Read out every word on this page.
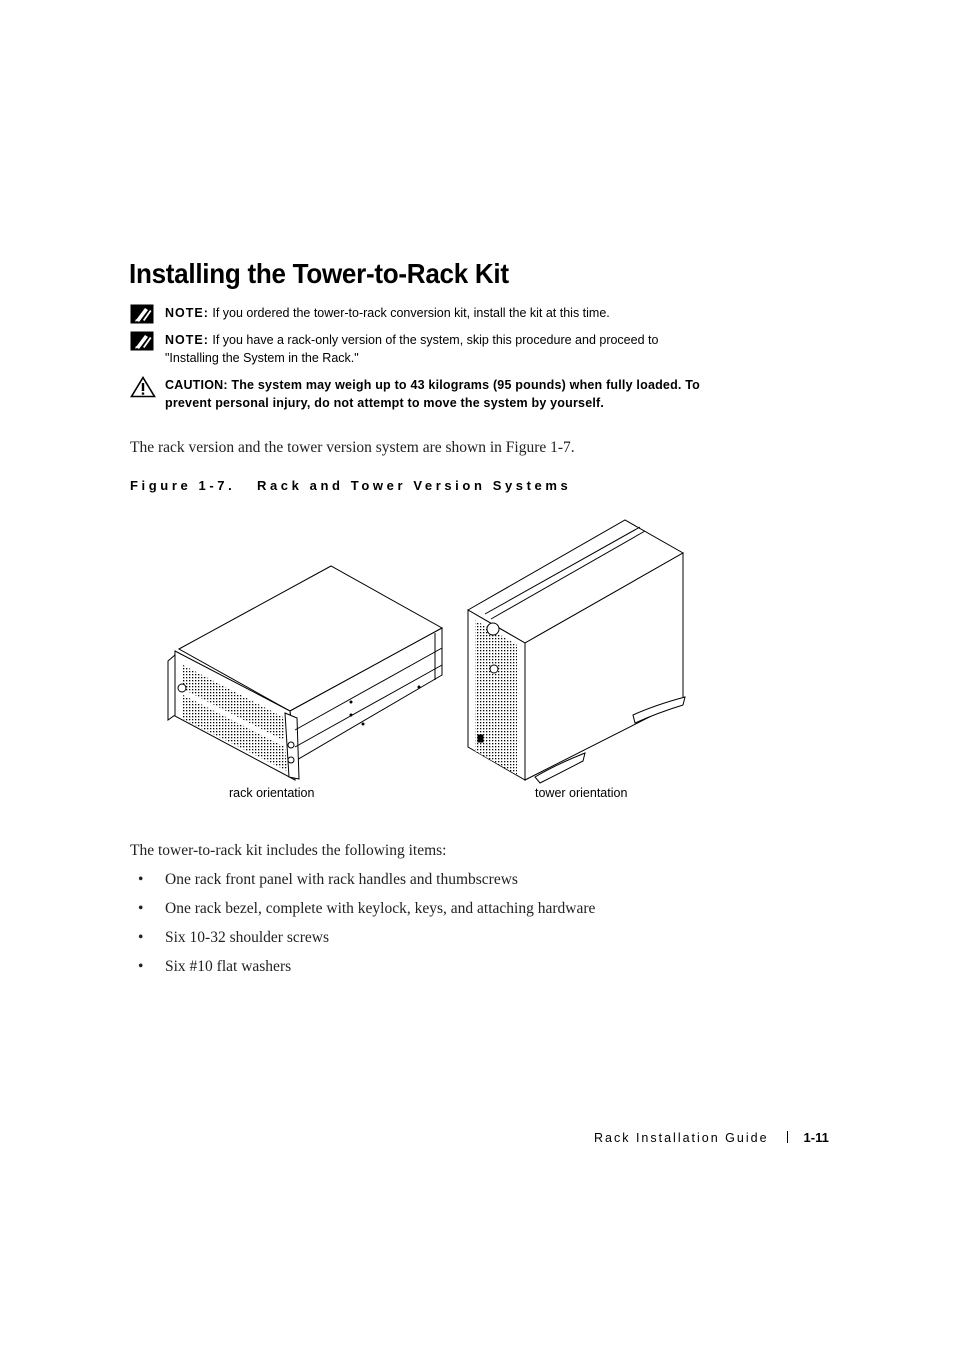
Installing the Tower-to-Rack Kit
NOTE: If you ordered the tower-to-rack conversion kit, install the kit at this time.
NOTE: If you have a rack-only version of the system, skip this procedure and proceed to "Installing the System in the Rack."
CAUTION: The system may weigh up to 43 kilograms (95 pounds) when fully loaded. To prevent personal injury, do not attempt to move the system by yourself.

The rack version and the tower version system are shown in Figure 1-7.

Figure 1-7.   Rack and Tower Version Systems
rack orientation	tower orientation

The tower-to-rack kit includes the following items:

• One rack front panel with rack handles and thumbscrews
• One rack bezel, complete with keylock, keys, and attaching hardware
• Six 10-32 shoulder screws
• Six #10 flat washers
Rack Installation Guide	1-11
